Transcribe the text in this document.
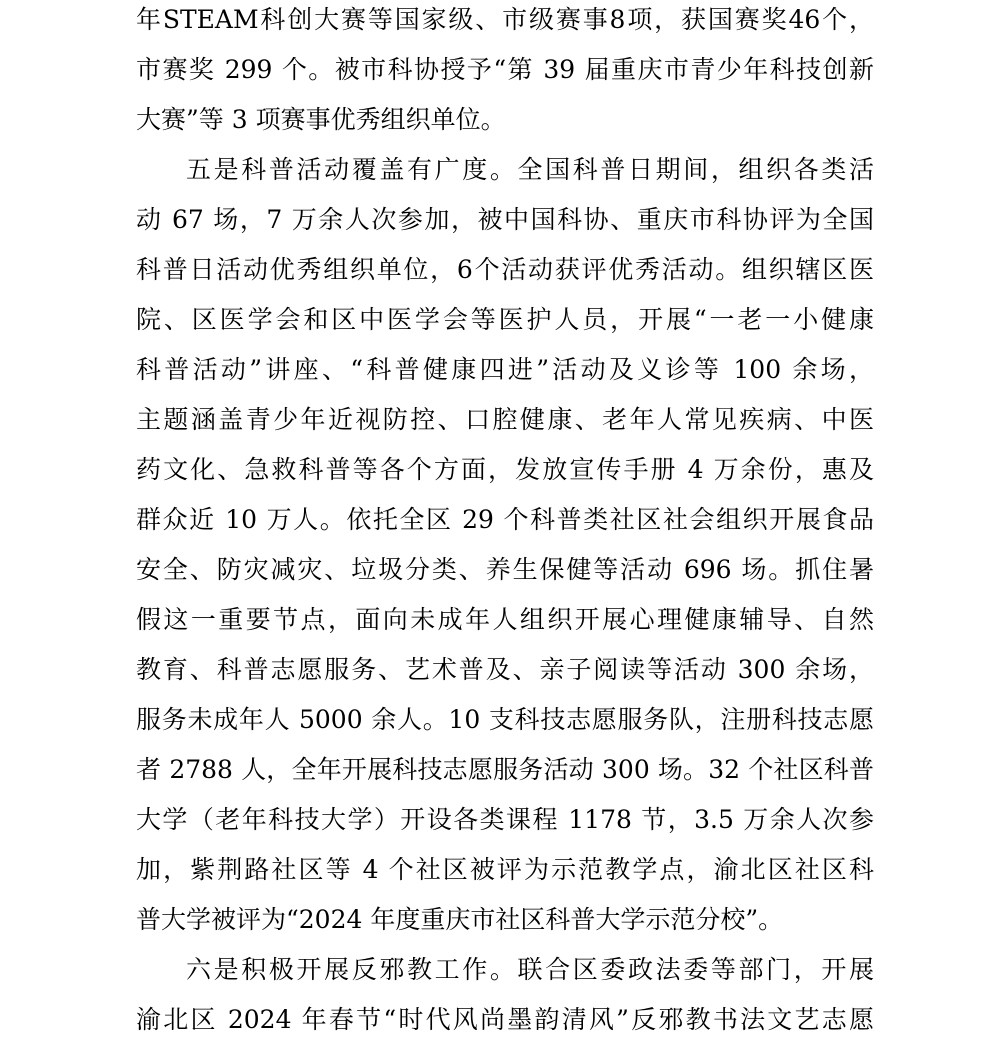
年STEAM科创大赛等国家级、市级赛事8项，获国赛奖46个，
市赛奖 299 个。被市科协授予“第 39 届重庆市青少年科技创新
大赛”等 3 项赛事优秀组织单位。
五是科普活动覆盖有广度。全国科普日期间，组织各类活
动 67 场，7 万余人次参加，被中国科协、重庆市科协评为全国
科普日活动优秀组织单位，6个活动获评优秀活动。组织辖区医
院、区医学会和区中医学会等医护人员，开展“一老一小健康
科普活动”讲座、“科普健康四进”活动及义诊等 100 余场，
主题涵盖青少年近视防控、口腔健康、老年人常见疾病、中医
药文化、急救科普等各个方面，发放宣传手册 4 万余份，惠及
群众近 10 万人。依托全区 29 个科普类社区社会组织开展食品
安全、防灾减灾、垃圾分类、养生保健等活动 696 场。抓住暑
假这一重要节点，面向未成年人组织开展心理健康辅导、自然
教育、科普志愿服务、艺术普及、亲子阅读等活动 300 余场，
服务未成年人 5000 余人。10 支科技志愿服务队，注册科技志愿
者 2788 人，全年开展科技志愿服务活动 300 场。32 个社区科普
大学（老年科技大学）开设各类课程 1178 节，3.5 万余人次参
加，紫荆路社区等 4 个社区被评为示范教学点，渝北区社区科
普大学被评为“2024 年度重庆市社区科普大学示范分校”。
六是积极开展反邪教工作。联合区委政法委等部门，开展
渝北区 2024 年春节“时代风尚墨韵清风”反邪教书法文艺志愿
